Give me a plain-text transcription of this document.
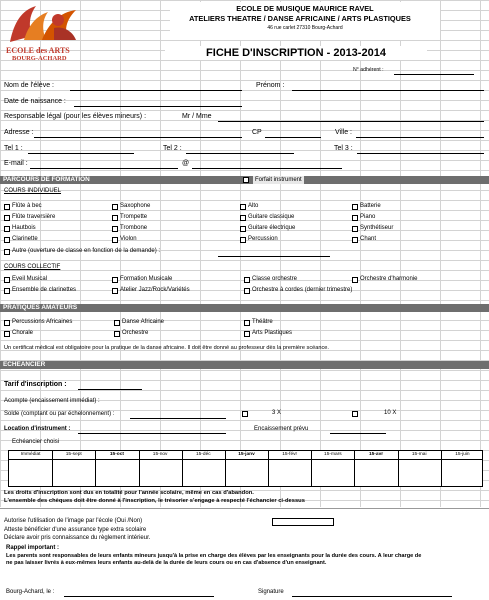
ECOLE des ARTS
BOURG-ACHARD
ECOLE DE MUSIQUE MAURICE RAVEL
ATELIERS THEATRE / DANSE AFRICAINE / ARTS PLASTIQUES
46 rue carlet 27310 Bourg-Achard
FICHE D'INSCRIPTION - 2013-2014
N° adhérent :
Nom de l'élève :	Prénom :
Date de naissance :
Responsable légal (pour les élèves mineurs) :	Mr / Mme
Adresse :	CP	Ville :
Tel 1 :	Tel 2 :	Tel 3 :
E-mail :	@
PARCOURS DE FORMATION	Forfait instrument
COURS INDIVIDUEL
Autre (ouverture de classe en fonction de la demande) :
COURS COLLECTIF
PRATIQUES AMATEURS
Un certificat médical est obligatoire pour la pratique de la danse africaine. Il doit être donné au professeur dès la première scéance.
ECHEANCIER
Tarif d'inscription :
Acompte (encaissement immédiat) :
Solde (comptant ou par échelonnement) :	3 X	10 X
Location d'instrument :	Encaissement prévu
Echéancier choisi
Immédiat	15-sept	15-oct	15-nov	15-déc	15-janv	15-févr	15-mars	15-avr	15-mai	15-juin
Les droits d'inscription sont dus en totalité pour l'année scolaire, même en cas d'abandon.
L'ensemble des chèques doit être donné à l'inscription, le trésorier s'engage à respecté l'échancier ci-dessus
Autorise l'utilisation de l'image par l'école (Oui /Non)
Atteste bénéficier d'une assurance type extra scolaire
Déclare avoir pris connaissance du règlement intérieur.
Rappel important :
Les parents sont responsables de leurs enfants mineurs jusqu'à la prise en charge des élèves par les enseignants pour la durée des cours. A leur charge de ne pas laisser livrés à eux-mêmes leurs enfants au-delà de la durée de leurs cours ou en cas d'absence d'un enseignant.
Bourg-Achard, le :	Signature
Flûte à bec	Saxophone	Alto	Batterie
Flûte traversière	Trompette	Guitare classique	Piano
Hautbois	Trombone	Guitare électrique	Synthétiseur
Clarinette	Violon	Percussion	Chant
Eveil Musical	Formation Musicale	Classe orchestre	Orchestre d'harmonie
Ensemble de clarinettes	Atelier Jazz/Rock/Variétés	Orchestre à cordes (dernier trimestre)
Percussions Africaines	Danse Africaine	Théâtre
Chorale	Orchestre	Arts Plastiques
